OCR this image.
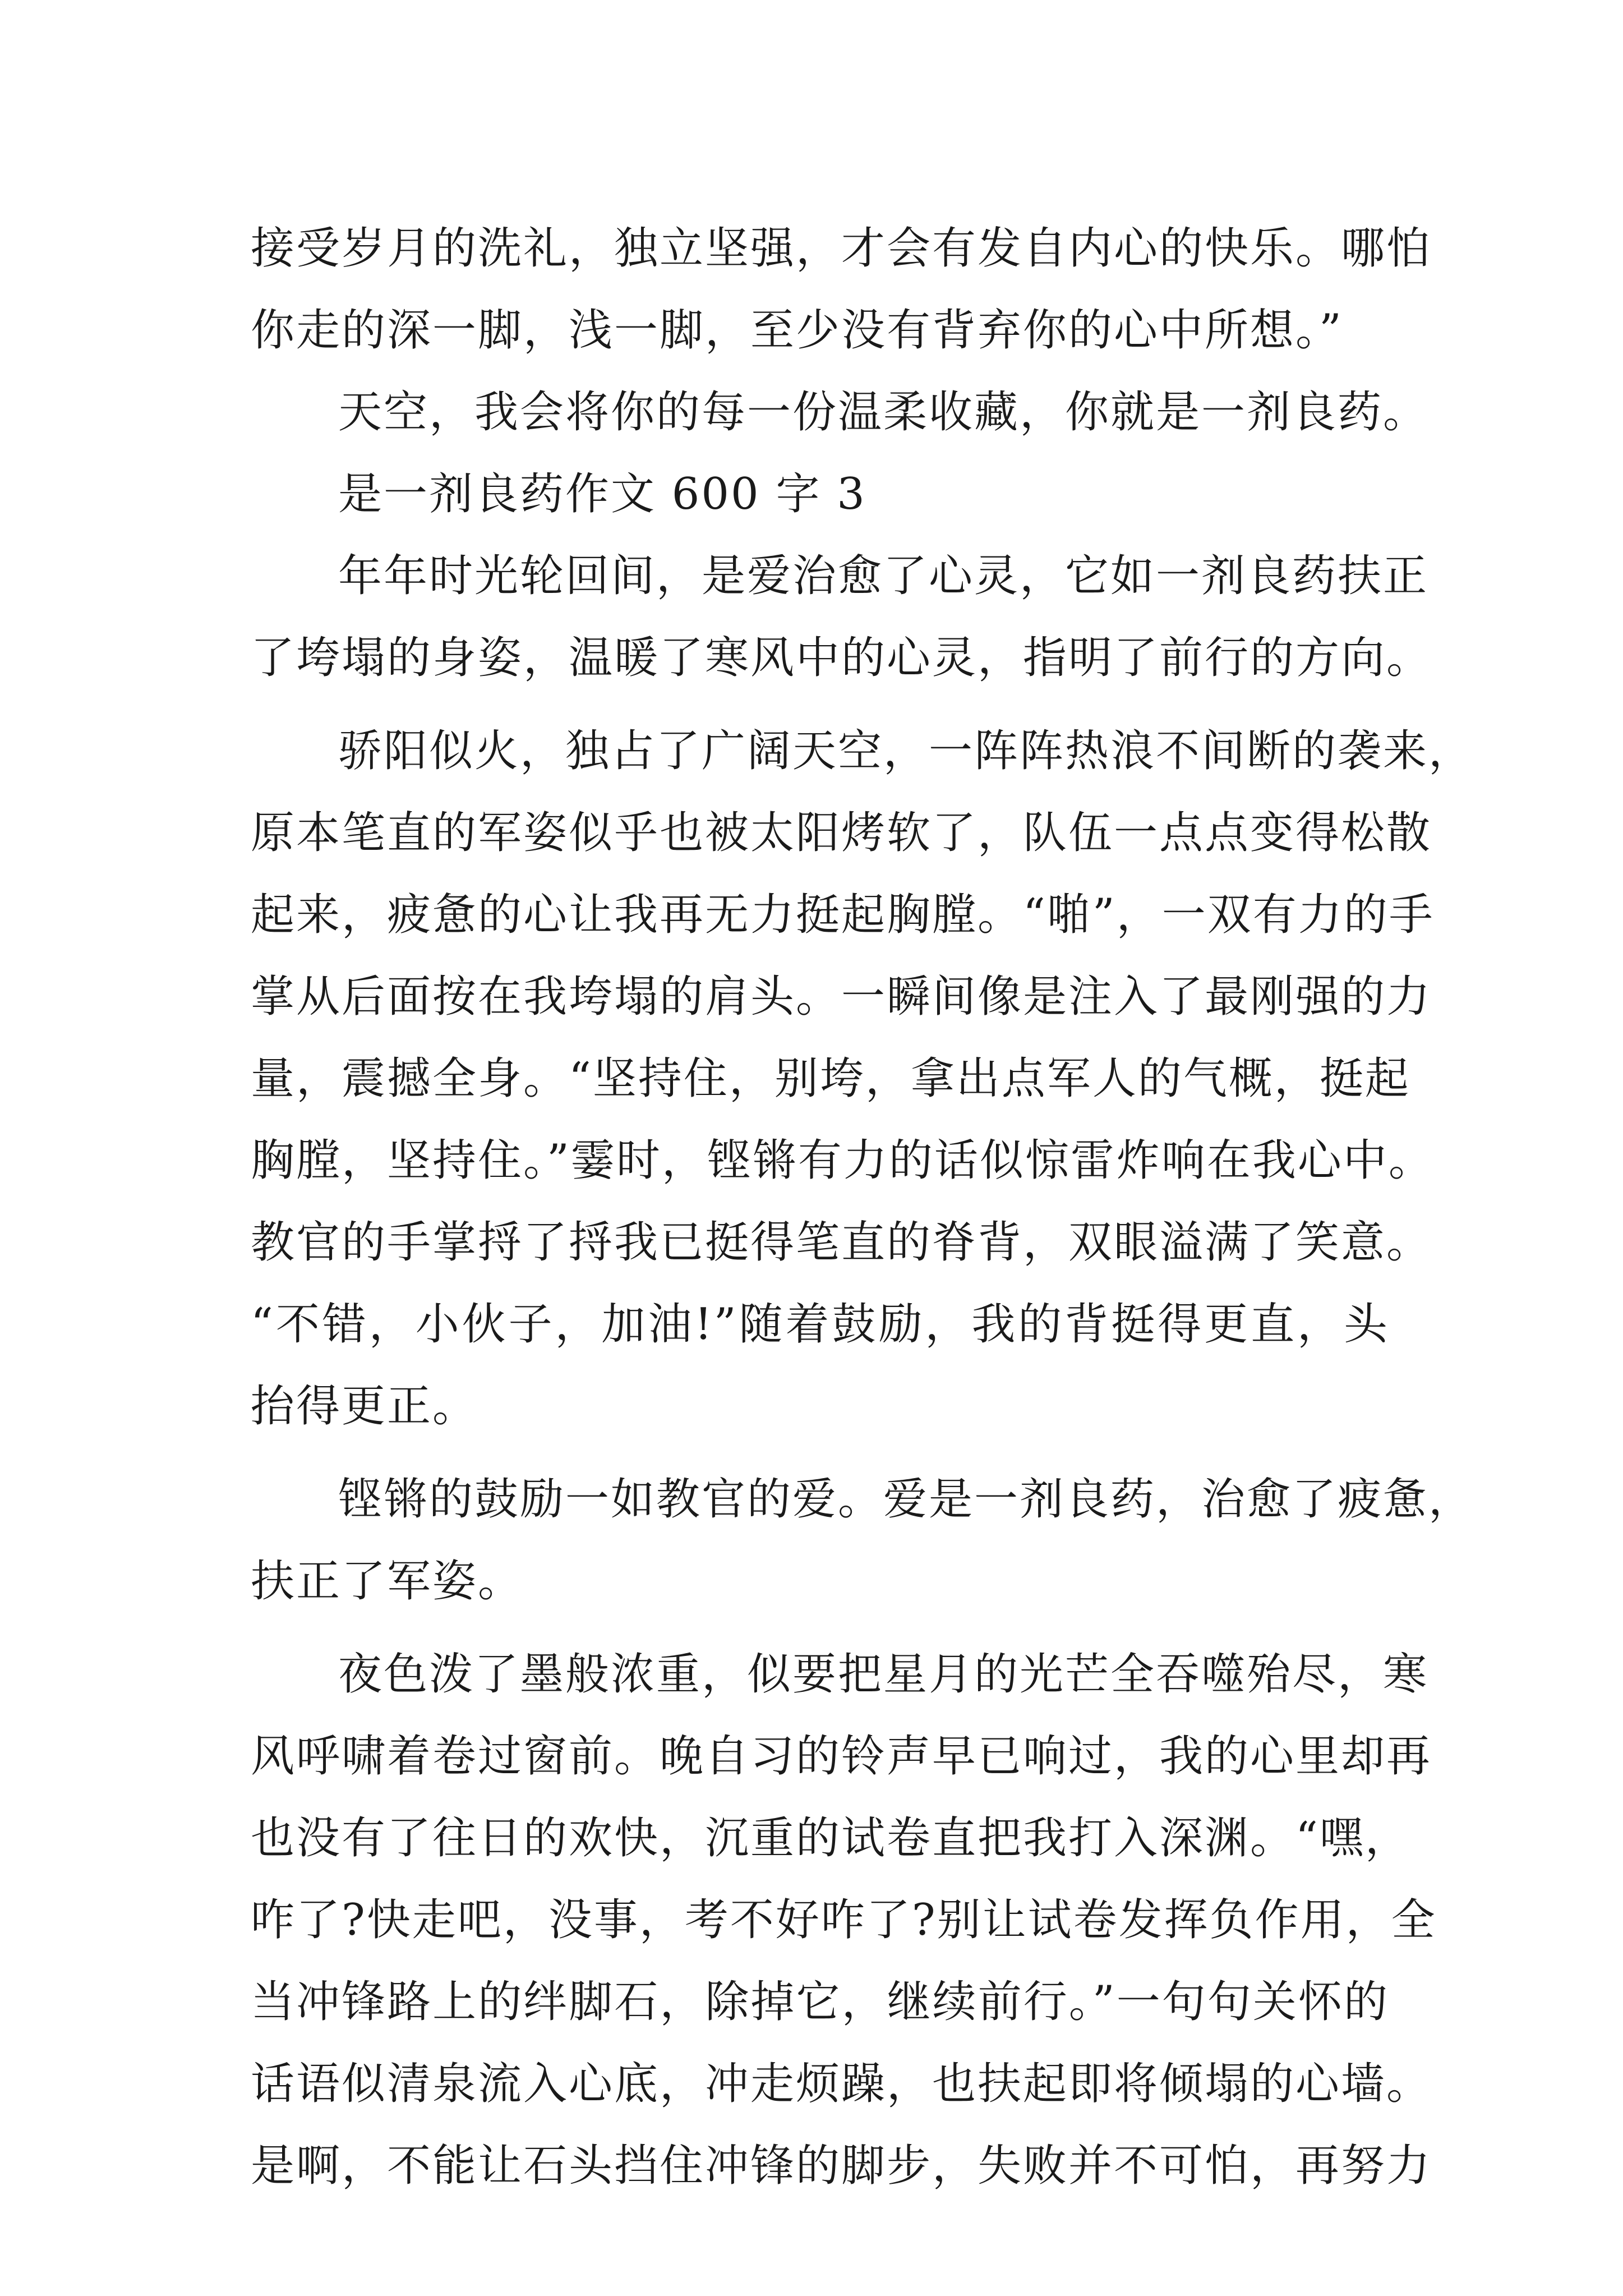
接受岁月的洗礼，独立坚强，才会有发自内心的快乐。哪怕
你走的深一脚，浅一脚，至少没有背弃你的心中所想。”
天空，我会将你的每一份温柔收藏，你就是一剂良药。
是一剂良药作文 600 字 3
年年时光轮回间，是爱治愈了心灵，它如一剂良药扶正
了垮塌的身姿，温暖了寒风中的心灵，指明了前行的方向。
骄阳似火，独占了广阔天空，一阵阵热浪不间断的袭来，
原本笔直的军姿似乎也被太阳烤软了，队伍一点点变得松散
起来，疲惫的心让我再无力挺起胸膛。“啪”，一双有力的手
掌从后面按在我垮塌的肩头。一瞬间像是注入了最刚强的力
量，震撼全身。“坚持住，别垮，拿出点军人的气概，挺起
胸膛，坚持住。”霎时，铿锵有力的话似惊雷炸响在我心中。
教官的手掌捋了捋我已挺得笔直的脊背，双眼溢满了笑意。
“不错，小伙子，加油!”随着鼓励，我的背挺得更直，头
抬得更正。
铿锵的鼓励一如教官的爱。爱是一剂良药，治愈了疲惫，
扶正了军姿。
夜色泼了墨般浓重，似要把星月的光芒全吞噬殆尽，寒
风呼啸着卷过窗前。晚自习的铃声早已响过，我的心里却再
也没有了往日的欢快，沉重的试卷直把我打入深渊。“嘿，
咋了?快走吧，没事，考不好咋了?别让试卷发挥负作用，全
当冲锋路上的绊脚石，除掉它，继续前行。”一句句关怀的
话语似清泉流入心底，冲走烦躁，也扶起即将倾塌的心墙。
是啊，不能让石头挡住冲锋的脚步，失败并不可怕，再努力
